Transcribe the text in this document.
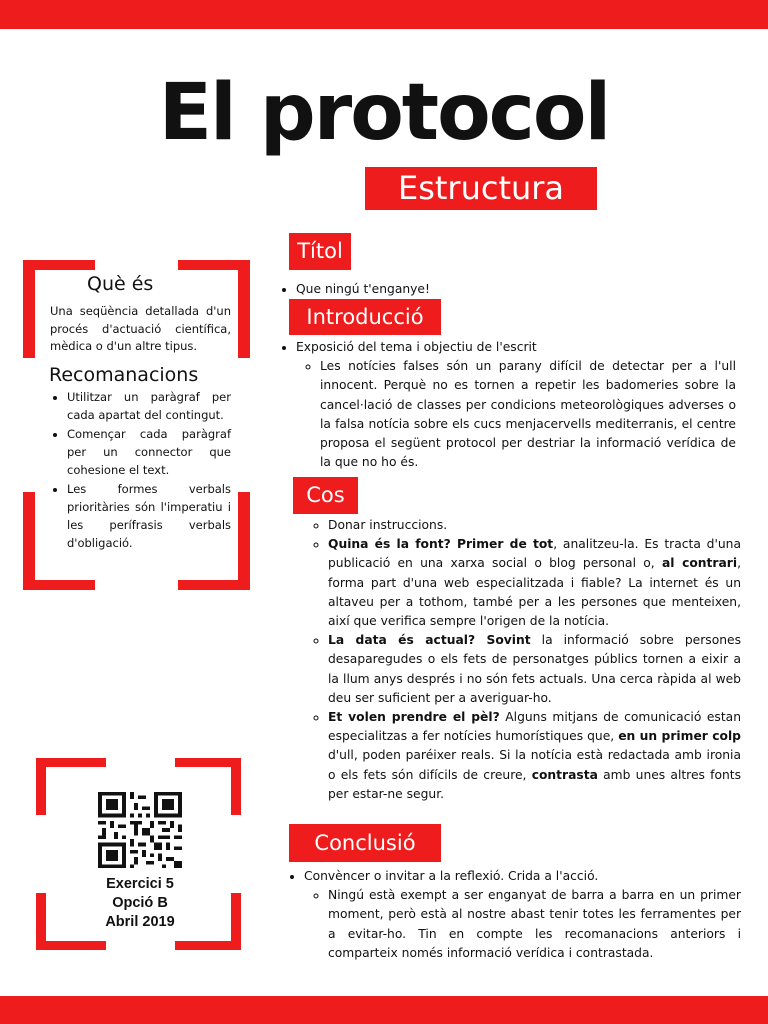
El protocol
Estructura
Què és
Una seqüència detallada d'un procés d'actuació científica, mèdica o d'un altre tipus.
Recomanacions
• Utilitzar un paràgraf per cada apartat del contingut.
• Començar cada paràgraf per un connector que cohesione el text.
• Les formes verbals prioritàries són l'imperatiu i les perífrasis verbals d'obligació.
Exercici 5
Opció B
Abril 2019
Títol
• Que ningú t'enganye!
Introducció
• Exposició del tema i objectiu de l'escrit
◦ Les notícies falses són un parany difícil de detectar per a l'ull innocent. Perquè no es tornen a repetir les badomeries sobre la cancel·lació de classes per condicions meteorològiques adverses o la falsa notícia sobre els cucs menjacervells mediterranis, el centre proposa el següent protocol per destriar la informació verídica de la que no ho és.
Cos
◦ Donar instruccions.
◦ Quina és la font? Primer de tot, analitzeu-la. Es tracta d'una publicació en una xarxa social o blog personal o, al contrari, forma part d'una web especialitzada i fiable? La internet és un altaveu per a tothom, també per a les persones que menteixen, així que verifica sempre l'origen de la notícia.
◦ La data és actual? Sovint la informació sobre persones desaparegudes o els fets de personatges públics tornen a eixir a la llum anys després i no són fets actuals. Una cerca ràpida al web deu ser suficient per a averiguar-ho.
◦ Et volen prendre el pèl? Alguns mitjans de comunicació estan especialitzas a fer notícies humorístiques que, en un primer colp d'ull, poden paréixer reals. Si la notícia està redactada amb ironia o els fets són difícils de creure, contrasta amb unes altres fonts per estar-ne segur.
Conclusió
• Convèncer o invitar a la reflexió. Crida a l'acció.
◦ Ningú està exempt a ser enganyat de barra a barra en un primer moment, però està al nostre abast tenir totes les ferramentes per a evitar-ho. Tin en compte les recomanacions anteriors i comparteix només informació verídica i contrastada.
